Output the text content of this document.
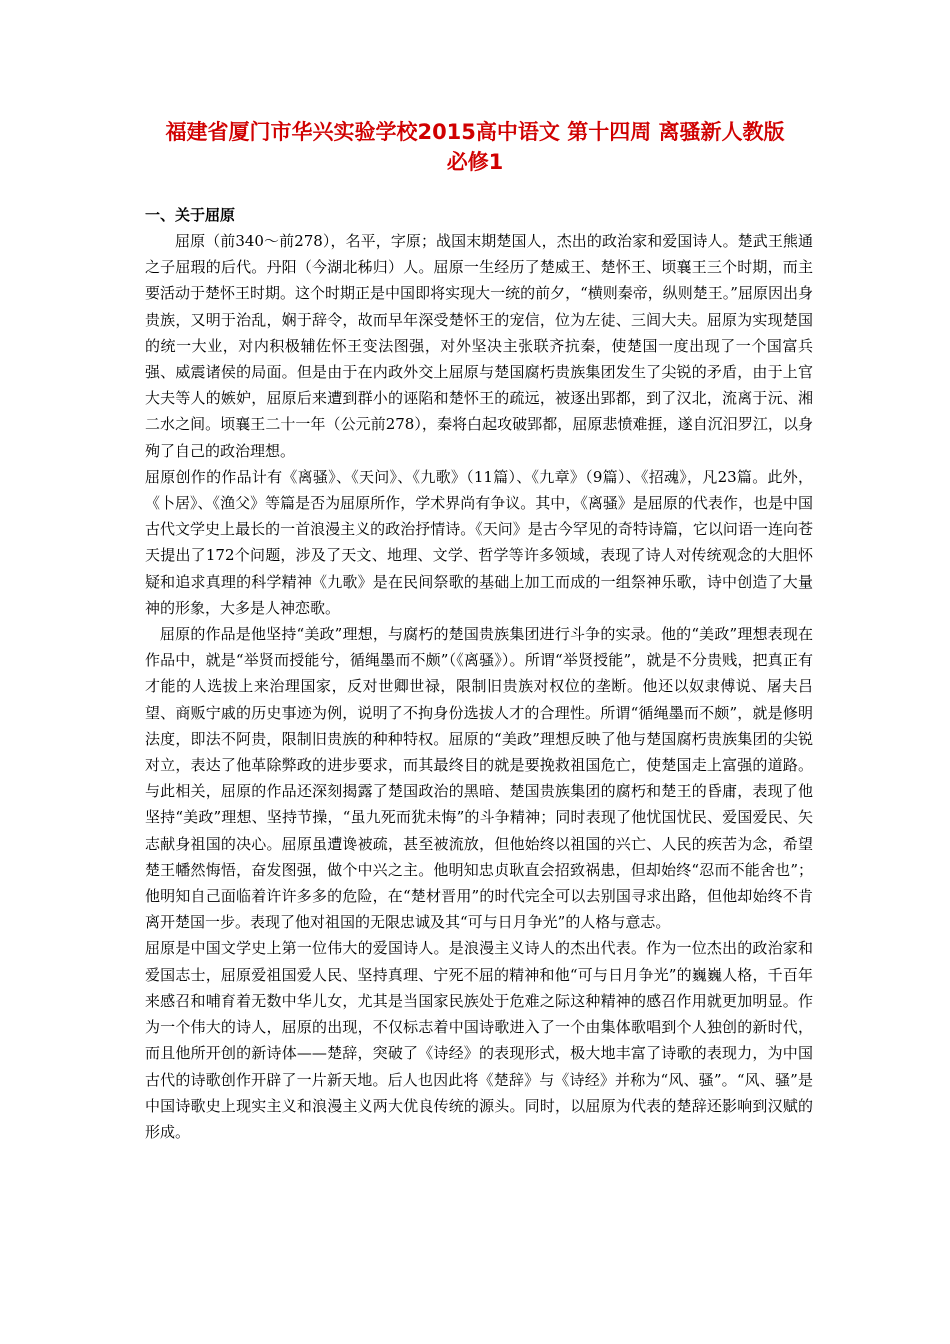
福建省厦门市华兴实验学校2015高中语文 第十四周 离骚新人教版
必修1

一、关于屈原

屈原（前340～前278），名平，字原；战国末期楚国人，杰出的政治家和爱国诗人。楚武王熊通之子屈瑕的后代。丹阳（今湖北秭归）人。屈原一生经历了楚威王、楚怀王、顷襄王三个时期，而主要活动于楚怀王时期。这个时期正是中国即将实现大一统的前夕，“横则秦帝，纵则楚王。”屈原因出身贵族，又明于治乱，娴于辞令，故而早年深受楚怀王的宠信，位为左徒、三闾大夫。屈原为实现楚国的统一大业，对内积极辅佐怀王变法图强，对外坚决主张联齐抗秦，使楚国一度出现了一个国富兵强、威震诸侯的局面。但是由于在内政外交上屈原与楚国腐朽贵族集团发生了尖锐的矛盾，由于上官大夫等人的嫉妒，屈原后来遭到群小的诬陷和楚怀王的疏远，被逐出郢都，到了汉北，流离于沅、湘二水之间。顷襄王二十一年（公元前278），秦将白起攻破郢都，屈原悲愤难捱，遂自沉汨罗江，以身殉了自己的政治理想。

屈原创作的作品计有《离骚》、《天问》、《九歌》（11篇）、《九章》（9篇）、《招魂》，凡23篇。此外，《卜居》、《渔父》等篇是否为屈原所作，学术界尚有争议。其中，《离骚》是屈原的代表作，也是中国古代文学史上最长的一首浪漫主义的政治抒情诗。《天问》是古今罕见的奇特诗篇，它以问语一连向苍天提出了172个问题，涉及了天文、地理、文学、哲学等许多领域，表现了诗人对传统观念的大胆怀疑和追求真理的科学精神《九歌》是在民间祭歌的基础上加工而成的一组祭神乐歌，诗中创造了大量神的形象，大多是人神恋歌。

屈原的作品是他坚持“美政”理想，与腐朽的楚国贵族集团进行斗争的实录。他的“美政”理想表现在作品中，就是“举贤而授能兮，循绳墨而不颇”（《离骚》）。所谓“举贤授能”，就是不分贵贱，把真正有才能的人选拔上来治理国家，反对世卿世禄，限制旧贵族对权位的垄断。他还以奴隶傅说、屠夫吕望、商贩宁戚的历史事迹为例，说明了不拘身份选拔人才的合理性。所谓“循绳墨而不颇”，就是修明法度，即法不阿贵，限制旧贵族的种种特权。屈原的“美政”理想反映了他与楚国腐朽贵族集团的尖锐对立，表达了他革除弊政的进步要求，而其最终目的就是要挽救祖国危亡，使楚国走上富强的道路。与此相关，屈原的作品还深刻揭露了楚国政治的黑暗、楚国贵族集团的腐朽和楚王的昏庸，表现了他坚持“美政”理想、坚持节操，“虽九死而犹未悔”的斗争精神；同时表现了他忧国忧民、爱国爱民、矢志献身祖国的决心。屈原虽遭谗被疏，甚至被流放，但他始终以祖国的兴亡、人民的疾苦为念，希望楚王幡然悔悟，奋发图强，做个中兴之主。他明知忠贞耿直会招致祸患，但却始终“忍而不能舍也”；他明知自己面临着许许多多的危险，在“楚材晋用”的时代完全可以去别国寻求出路，但他却始终不肯离开楚国一步。表现了他对祖国的无限忠诚及其“可与日月争光”的人格与意志。

屈原是中国文学史上第一位伟大的爱国诗人。是浪漫主义诗人的杰出代表。作为一位杰出的政治家和爱国志士，屈原爱祖国爱人民、坚持真理、宁死不屈的精神和他“可与日月争光”的巍巍人格，千百年来感召和哺育着无数中华儿女，尤其是当国家民族处于危难之际这种精神的感召作用就更加明显。作为一个伟大的诗人，屈原的出现，不仅标志着中国诗歌进入了一个由集体歌唱到个人独创的新时代，而且他所开创的新诗体——楚辞，突破了《诗经》的表现形式，极大地丰富了诗歌的表现力，为中国古代的诗歌创作开辟了一片新天地。后人也因此将《楚辞》与《诗经》并称为“风、骚”。“风、骚”是中国诗歌史上现实主义和浪漫主义两大优良传统的源头。同时，以屈原为代表的楚辞还影响到汉赋的形成。
